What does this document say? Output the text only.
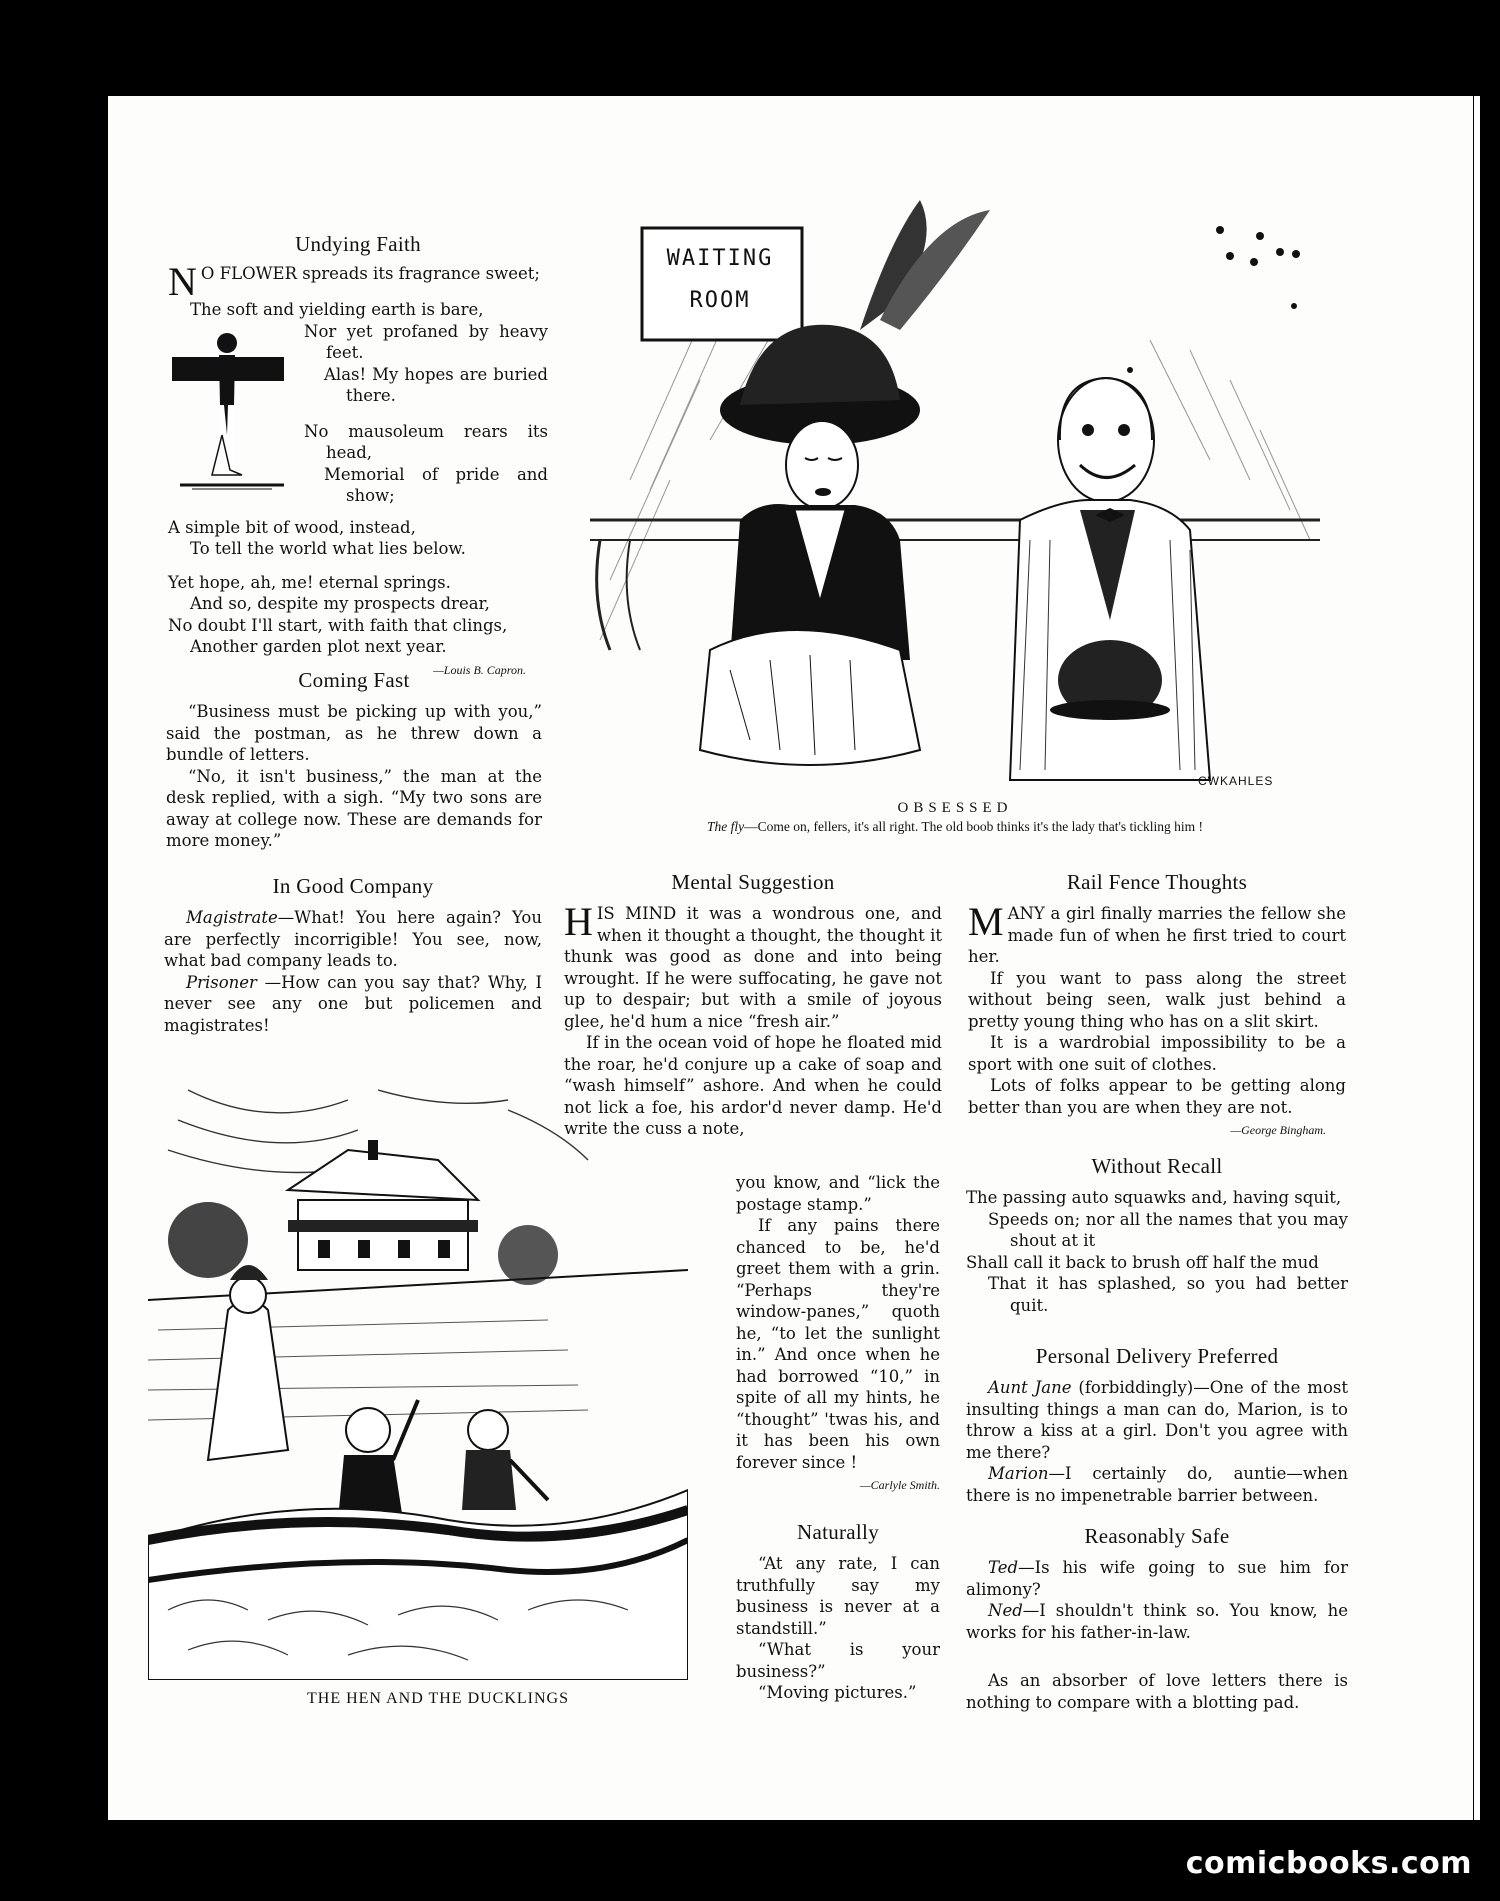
Undying Faith
N O FLOWER spreads its fragrance sweet;

The soft and yielding earth is bare,

Nor yet profaned by heavy feet.

Alas! My hopes are buried there.

No mausoleum rears its head,

Memorial of pride and show;

A simple bit of wood, instead,

To tell the world what lies below.

Yet hope, ah, me! eternal springs.

And so, despite my prospects drear,

No doubt I'll start, with faith that clings,

Another garden plot next year.

—Louis B. Capron.
Coming Fast

“Business must be picking up with you,” said the postman, as he threw down a bundle of letters.

“No, it isn't business,” the man at the desk replied, with a sigh. “My two sons are away at college now. These are demands for more money.”

In Good Company

Magistrate—What! You here again? You are perfectly incorrigible! You see, now, what bad company leads to.

Prisoner —How can you say that? Why, I never see any one but policemen and magistrates!

WAITING
ROOM
CWKAHLES
OBSESSED
The fly—Come on, fellers, it's all right. The old boob thinks it's the lady that's tickling him !
THE HEN AND THE DUCKLINGS
Mental Suggestion
H IS MIND it was a wondrous one, and when it thought a thought, the thought it thunk was good as done and into being wrought. If he were suffocating, he gave not up to despair; but with a smile of joyous glee, he'd hum a nice “fresh air.”

If in the ocean void of hope he floated mid the roar, he'd conjure up a cake of soap and “wash himself” ashore. And when he could not lick a foe, his ardor'd never damp. He'd write the cuss a note,

you know, and “lick the postage stamp.”

If any pains there chanced to be, he'd greet them with a grin. “Perhaps they're window-panes,” quoth he, “to let the sunlight in.” And once when he had borrowed “10,” in spite of all my hints, he “thought” 'twas his, and it has been his own forever since !

—Carlyle Smith.
Naturally

“At any rate, I can truthfully say my business is never at a standstill.”

“What is your business?”

“Moving pictures.”

Rail Fence Thoughts
M ANY a girl finally marries the fellow she made fun of when he first tried to court her.

If you want to pass along the street without being seen, walk just behind a pretty young thing who has on a slit skirt.

It is a wardrobial impossibility to be a sport with one suit of clothes.

Lots of folks appear to be getting along better than you are when they are not.

—George Bingham.
Without Recall

The passing auto squawks and, having squit,

Speeds on; nor all the names that you may shout at it

Shall call it back to brush off half the mud

That it has splashed, so you had better quit.

Personal Delivery Preferred

Aunt Jane (forbiddingly)—One of the most insulting things a man can do, Marion, is to throw a kiss at a girl. Don't you agree with me there?

Marion—I certainly do, auntie—when there is no impenetrable barrier between.

Reasonably Safe

Ted—Is his wife going to sue him for alimony?

Ned—I shouldn't think so. You know, he works for his father-in-law.

As an absorber of love letters there is nothing to compare with a blotting pad.

comicbooks.com
